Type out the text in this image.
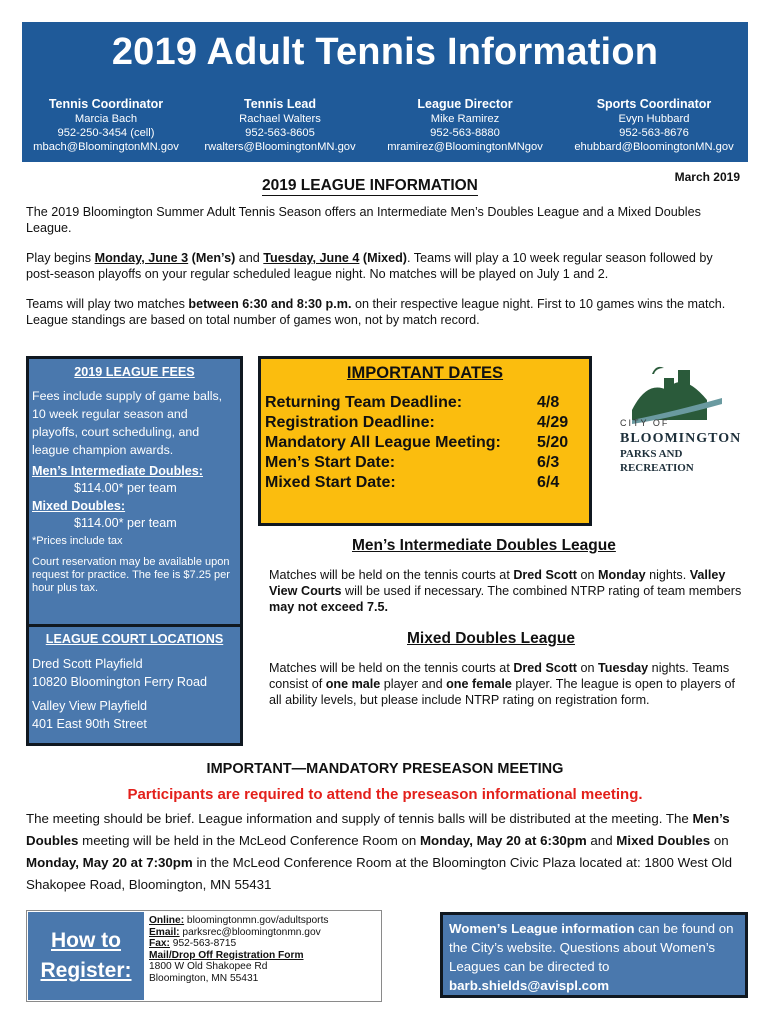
2019 Adult Tennis Information
Tennis Coordinator
Marcia Bach
952-250-3454 (cell)
mbach@BloomingtonMN.gov
Tennis Lead
Rachael Walters
952-563-8605
rwalters@BloomingtonMN.gov
League Director
Mike Ramirez
952-563-8880
mramirez@BloomingtonMNgov
Sports Coordinator
Evyn Hubbard
952-563-8676
ehubbard@BloomingtonMN.gov
2019 LEAGUE INFORMATION	March 2019

The 2019 Bloomington Summer Adult Tennis Season offers an Intermediate Men’s Doubles League and a Mixed Doubles League.

Play begins Monday, June 3 (Men’s) and Tuesday, June 4 (Mixed). Teams will play a 10 week regular season followed by post-season playoffs on your regular scheduled league night. No matches will be played on July 1 and 2.

Teams will play two matches between 6:30 and 8:30 p.m. on their respective league night. First to 10 games wins the match. League standings are based on total number of games won, not by match record.

2019 LEAGUE FEES
Fees include supply of game balls, 10 week regular season and playoffs, court scheduling, and league champion awards.
Men’s Intermediate Doubles:
$114.00* per team
Mixed Doubles:
$114.00* per team
*Prices include tax
Court reservation may be available upon request for practice. The fee is $7.25 per hour plus tax.
LEAGUE COURT LOCATIONS
Dred Scott Playfield
10820 Bloomington Ferry Road
Valley View Playfield
401 East 90th Street
IMPORTANT DATES
Returning Team Deadline:	4/8
Registration Deadline:	4/29
Mandatory All League Meeting:	5/20
Men’s Start Date:	6/3
Mixed Start Date:	6/4
CITY OF
BLOOMINGTON
PARKS AND
RECREATION
Men’s Intermediate Doubles League

Matches will be held on the tennis courts at Dred Scott on Monday nights. Valley View Courts will be used if necessary. The combined NTRP rating of team members may not exceed 7.5.

Mixed Doubles League

Matches will be held on the tennis courts at Dred Scott on Tuesday nights. Teams consist of one male player and one female player. The league is open to players of all ability levels, but please include NTRP rating on registration form.

IMPORTANT—MANDATORY PRESEASON MEETING
Participants are required to attend the preseason informational meeting.

The meeting should be brief. League information and supply of tennis balls will be distributed at the meeting. The Men’s Doubles meeting will be held in the McLeod Conference Room on Monday, May 20 at 6:30pm and Mixed Doubles on Monday, May 20 at 7:30pm in the McLeod Conference Room at the Bloomington Civic Plaza located at: 1800 West Old Shakopee Road, Bloomington, MN 55431

How to
Register:
Online: bloomingtonmn.gov/adultsports
Email: parksrec@bloomingtonmn.gov
Fax: 952-563-8715
Mail/Drop Off Registration Form
1800 W Old Shakopee Rd
Bloomington, MN 55431
Women’s League information can be found on the City’s website. Questions about Women’s Leagues can be directed to barb.shields@avispl.com
